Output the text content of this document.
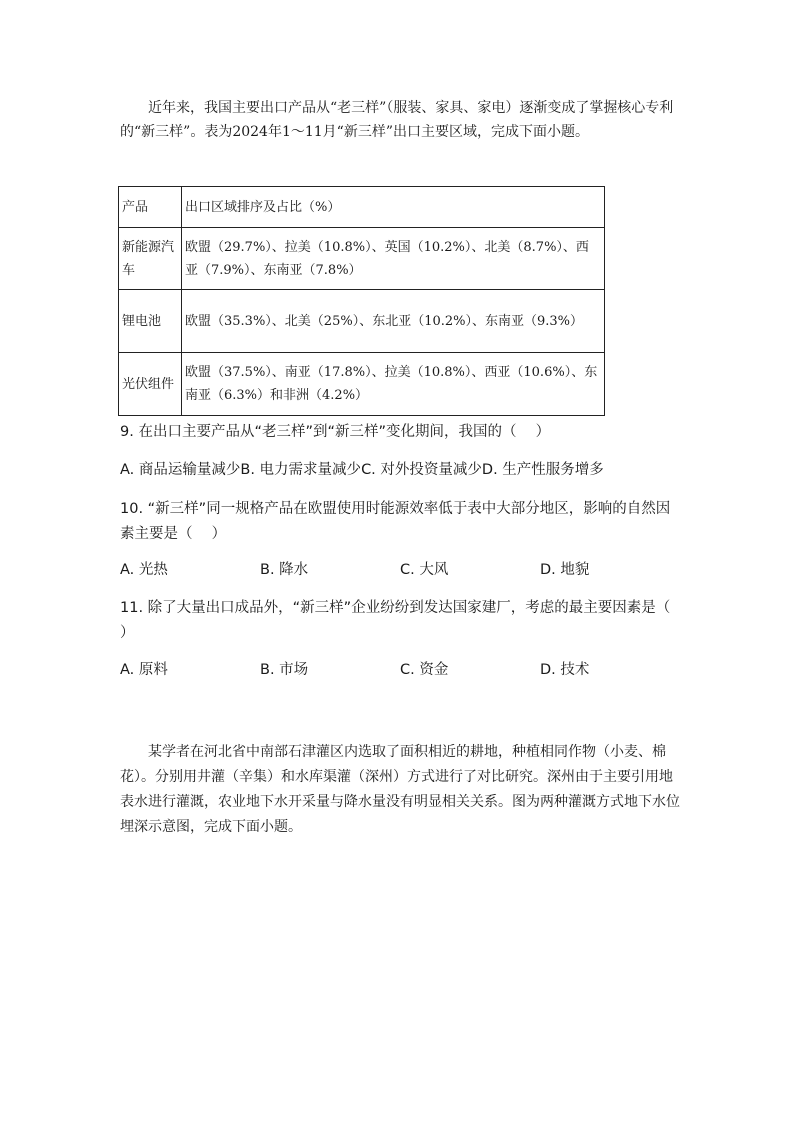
近年来，我国主要出口产品从“老三样”（服装、家具、家电）逐渐变成了掌握核心专利的“新三样”。表为2024年1～11月“新三样”出口主要区域，完成下面小题。

产品	出口区域排序及占比（%）
新能源汽车	欧盟（29.7%）、拉美（10.8%）、英国（10.2%）、北美（8.7%）、西亚（7.9%）、东南亚（7.8%）
锂电池	欧盟（35.3%）、北美（25%）、东北亚（10.2%）、东南亚（9.3%）
光伏组件	欧盟（37.5%）、南亚（17.8%）、拉美（10.8%）、西亚（10.6%）、东南亚（6.3%）和非洲（4.2%）

9. 在出口主要产品从“老三样”到“新三样”变化期间，我国的（　 ）

A. 商品运输量减少B. 电力需求量减少C. 对外投资量减少D. 生产性服务增多

10. “新三样”同一规格产品在欧盟使用时能源效率低于表中大部分地区，影响的自然因素主要是（　 ）

A. 光热	B. 降水	C. 大风	D. 地貌

11. 除了大量出口成品外，“新三样”企业纷纷到发达国家建厂，考虑的最主要因素是（　 ）

A. 原料	B. 市场	C. 资金	D. 技术

某学者在河北省中南部石津灌区内选取了面积相近的耕地，种植相同作物（小麦、棉花）。分别用井灌（辛集）和水库渠灌（深州）方式进行了对比研究。深州由于主要引用地表水进行灌溉，农业地下水开采量与降水量没有明显相关关系。图为两种灌溉方式地下水位埋深示意图，完成下面小题。
